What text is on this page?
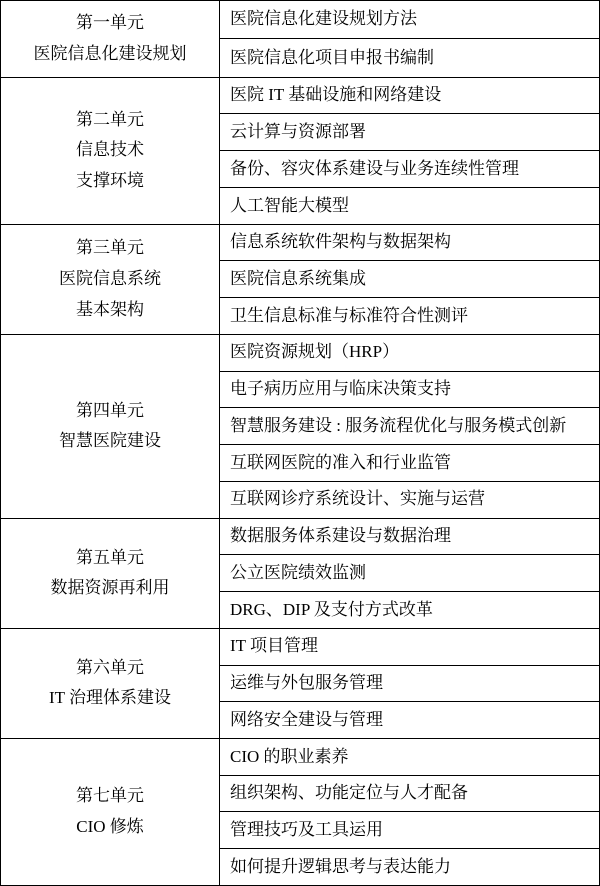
第一单元
医院信息化建设规划	医院信息化建设规划方法
	医院信息化项目申报书编制

第二单元
信息技术
支撑环境	医院 IT 基础设施和网络建设
	云计算与资源部署
	备份、容灾体系建设与业务连续性管理
	人工智能大模型

第三单元
医院信息系统
基本架构	信息系统软件架构与数据架构
	医院信息系统集成
	卫生信息标准与标准符合性测评

第四单元
智慧医院建设	医院资源规划（HRP）
	电子病历应用与临床决策支持
	智慧服务建设 : 服务流程优化与服务模式创新
	互联网医院的准入和行业监管
	互联网诊疗系统设计、实施与运营

第五单元
数据资源再利用	数据服务体系建设与数据治理
	公立医院绩效监测
	DRG、DIP 及支付方式改革

第六单元
IT 治理体系建设	IT 项目管理
	运维与外包服务管理
	网络安全建设与管理

第七单元
CIO 修炼	CIO 的职业素养
	组织架构、功能定位与人才配备
	管理技巧及工具运用
	如何提升逻辑思考与表达能力
